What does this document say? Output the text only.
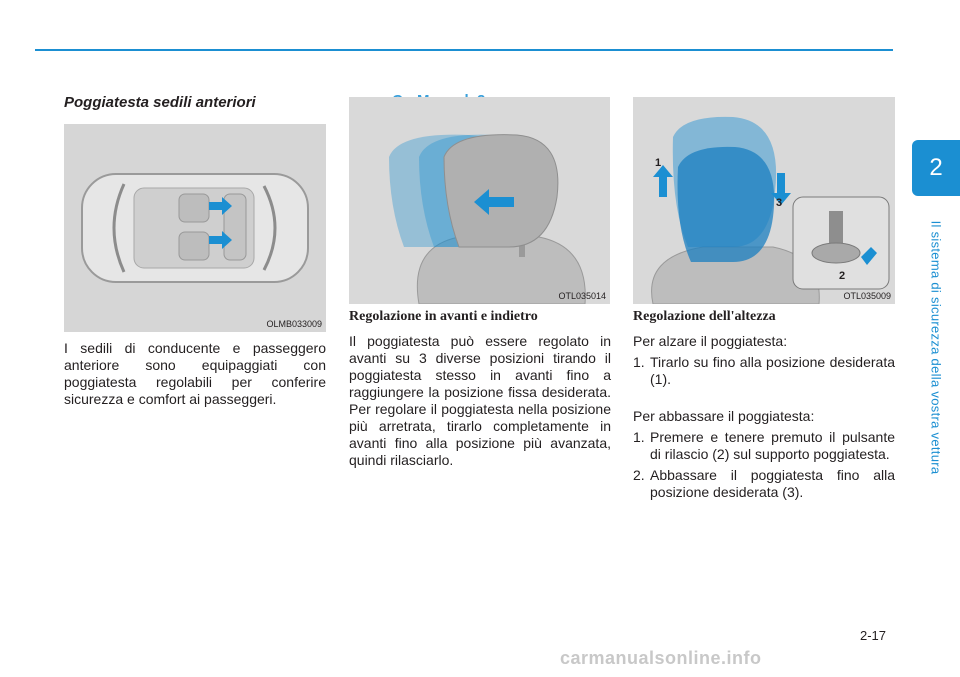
2
Il sistema di sicurezza della vostra vettura
Poggiatesta sedili anteriori
OLMB033009

I sedili di conducente e passeggero anteriore sono equipaggiati con poggiatesta regolabili per conferire sicurezza e comfort ai passeggeri.

OTL035014

Regolazione in avanti e indietro

Il poggiatesta può essere regolato in avanti su 3 diverse posizioni tirando il poggiatesta stesso in avanti fino a raggiungere la posizione fissa desiderata. Per regolare il poggiatesta nella posizione più arretrata, tirarlo completamente in avanti fino alla posizione più avanzata, quindi rilasciarlo.

1
2
3
OTL035009

Regolazione dell'altezza

Per alzare il poggiatesta:

1. Tirarlo su fino alla posizione desiderata (1).

Per abbassare il poggiatesta:

1. Premere e tenere premuto il pulsante di rilascio (2) sul supporto poggiatesta.
2. Abbassare il poggiatesta fino alla posizione desiderata (3).
2-17
carmanualsonline.info
